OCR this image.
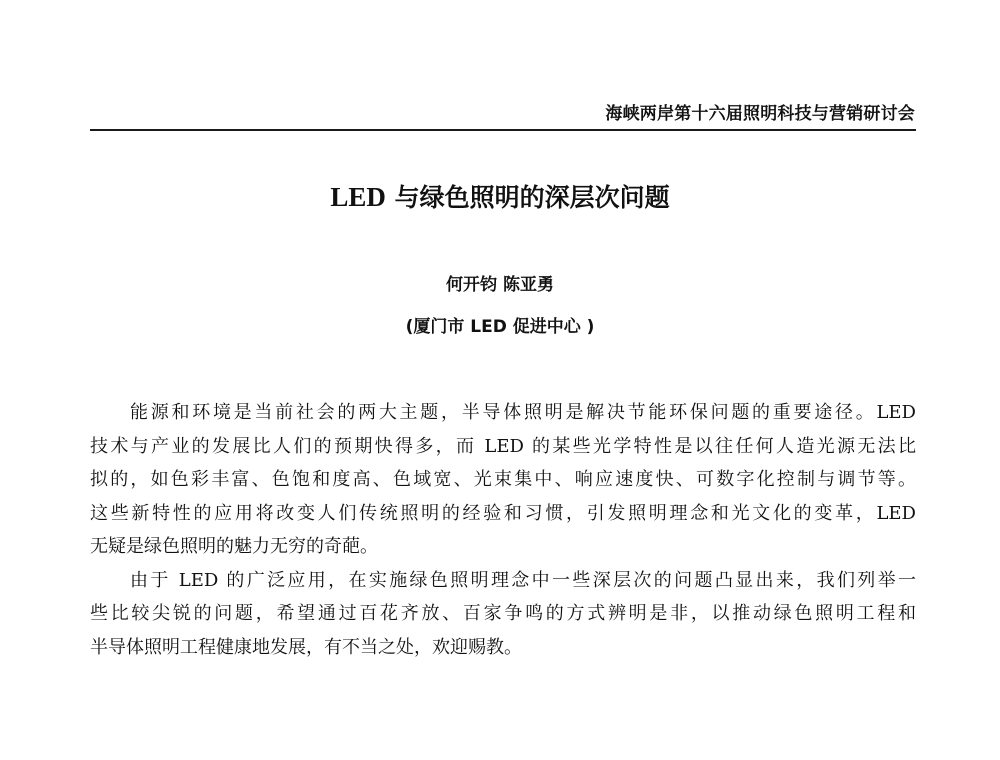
海峡两岸第十六届照明科技与营销研讨会
LED 与绿色照明的深层次问题
何开钧 陈亚勇
(厦门市 LED 促进中心 )
能源和环境是当前社会的两大主题，半导体照明是解决节能环保问题的重要途径。LED
技术与产业的发展比人们的预期快得多，而 LED 的某些光学特性是以往任何人造光源无法比
拟的，如色彩丰富、色饱和度高、色域宽、光束集中、响应速度快、可数字化控制与调节等。
这些新特性的应用将改变人们传统照明的经验和习惯，引发照明理念和光文化的变革，LED
无疑是绿色照明的魅力无穷的奇葩。
由于 LED 的广泛应用，在实施绿色照明理念中一些深层次的问题凸显出来，我们列举一
些比较尖锐的问题，希望通过百花齐放、百家争鸣的方式辨明是非，以推动绿色照明工程和
半导体照明工程健康地发展，有不当之处，欢迎赐教。
